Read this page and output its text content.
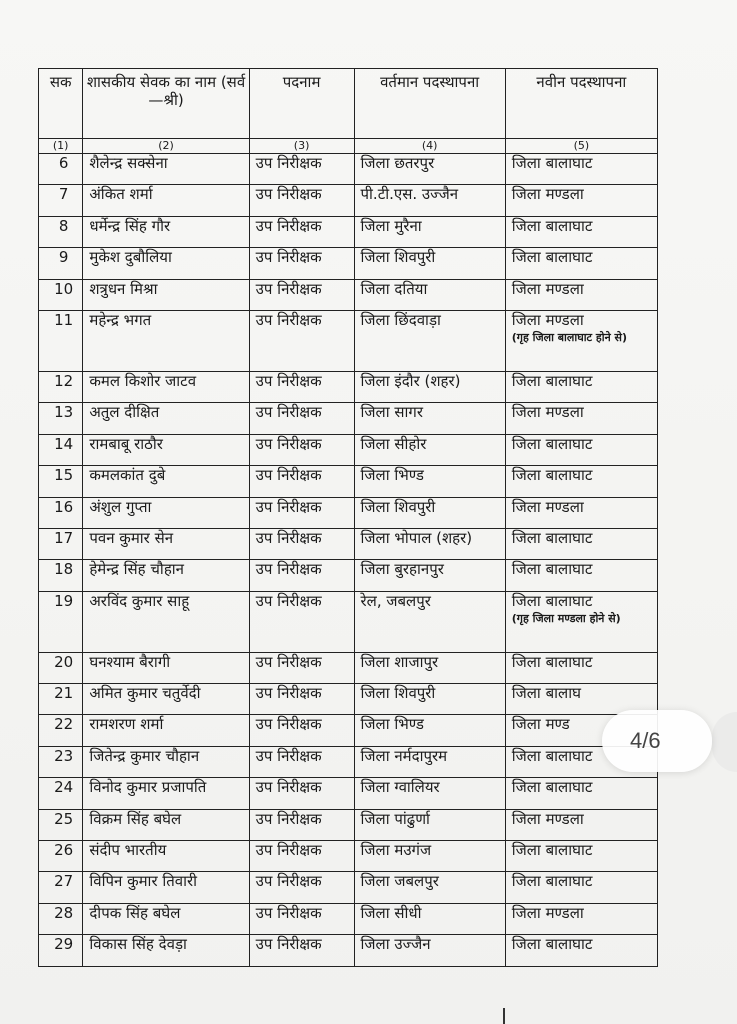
सक	शासकीय सेवक का नाम (सर्व—श्री)	पदनाम	वर्तमान पदस्थापना	नवीन पदस्थापना
(1)	(2)	(3)	(4)	(5)

6	शैलेन्द्र सक्सेना	उप निरीक्षक	जिला छतरपुर	जिला बालाघाट

7	अंकित शर्मा	उप निरीक्षक	पी.टी.एस. उज्जैन	जिला मण्डला

8	धर्मेन्द्र सिंह गौर	उप निरीक्षक	जिला मुरैना	जिला बालाघाट

9	मुकेश दुबौलिया	उप निरीक्षक	जिला शिवपुरी	जिला बालाघाट

10	शत्रुधन मिश्रा	उप निरीक्षक	जिला दतिया	जिला मण्डला

11	महेन्द्र भगत	उप निरीक्षक	जिला छिंदवाड़ा	जिला मण्डला
(गृह जिला बालाघाट होने से)

12	कमल किशोर जाटव	उप निरीक्षक	जिला इंदौर (शहर)	जिला बालाघाट

13	अतुल दीक्षित	उप निरीक्षक	जिला सागर	जिला मण्डला

14	रामबाबू राठौर	उप निरीक्षक	जिला सीहोर	जिला बालाघाट

15	कमलकांत दुबे	उप निरीक्षक	जिला भिण्ड	जिला बालाघाट

16	अंशुल गुप्ता	उप निरीक्षक	जिला शिवपुरी	जिला मण्डला

17	पवन कुमार सेन	उप निरीक्षक	जिला भोपाल (शहर)	जिला बालाघाट

18	हेमेन्द्र सिंह चौहान	उप निरीक्षक	जिला बुरहानपुर	जिला बालाघाट

19	अरविंद कुमार साहू	उप निरीक्षक	रेल, जबलपुर	जिला बालाघाट
(गृह जिला मण्डला होने से)

20	घनश्याम बैरागी	उप निरीक्षक	जिला शाजापुर	जिला बालाघाट

21	अमित कुमार चतुर्वेदी	उप निरीक्षक	जिला शिवपुरी	जिला बालाघ

22	रामशरण शर्मा	उप निरीक्षक	जिला भिण्ड	जिला मण्ड

23	जितेन्द्र कुमार चौहान	उप निरीक्षक	जिला नर्मदापुरम	जिला बालाघाट

24	विनोद कुमार प्रजापति	उप निरीक्षक	जिला ग्वालियर	जिला बालाघाट

25	विक्रम सिंह बघेल	उप निरीक्षक	जिला पांढुर्णा	जिला मण्डला

26	संदीप भारतीय	उप निरीक्षक	जिला मउगंज	जिला बालाघाट

27	विपिन कुमार तिवारी	उप निरीक्षक	जिला जबलपुर	जिला बालाघाट

28	दीपक सिंह बघेल	उप निरीक्षक	जिला सीधी	जिला मण्डला

29	विकास सिंह देवड़ा	उप निरीक्षक	जिला उज्जैन	जिला बालाघाट
4/6
